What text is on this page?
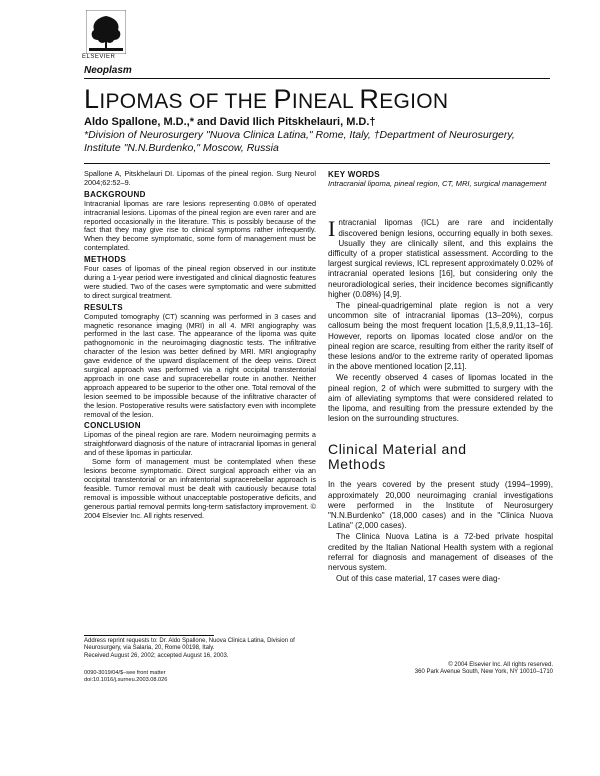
ELSEVIER
Neoplasm
LIPOMAS OF THE PINEAL REGION
Aldo Spallone, M.D.,* and David Ilich Pitskhelauri, M.D.†
*Division of Neurosurgery "Nuova Clinica Latina," Rome, Italy, †Department of Neurosurgery, Institute "N.N.Burdenko," Moscow, Russia

Spallone A, Pitskhelauri DI. Lipomas of the pineal region. Surg Neurol 2004;62:52–9.

BACKGROUND

Intracranial lipomas are rare lesions representing 0.08% of operated intracranial lesions. Lipomas of the pineal region are even rarer and are reported occasionally in the literature. This is possibly because of the fact that they may give rise to clinical symptoms rather infrequently. When they become symptomatic, some form of management must be contemplated.

METHODS

Four cases of lipomas of the pineal region observed in our institute during a 1-year period were investigated and clinical diagnostic features were studied. Two of the cases were symptomatic and were submitted to direct surgical treatment.

RESULTS

Computed tomography (CT) scanning was performed in 3 cases and magnetic resonance imaging (MRI) in all 4. MRI angiography was performed in the last case. The appearance of the lipoma was quite pathognomonic in the neuroimaging diagnostic tests. The infiltrative character of the lesion was better defined by MRI. MRI angiography gave evidence of the upward displacement of the deep veins. Direct surgical approach was performed via a right occipital transtentorial approach in one case and supracerebellar route in another. Neither approach appeared to be superior to the other one. Total removal of the lesion seemed to be impossible because of the infiltrative character of the lesion. Postoperative results were satisfactory even with incomplete removal of the lesion.

CONCLUSION

Lipomas of the pineal region are rare. Modern neuroimaging permits a straightforward diagnosis of the nature of intracranial lipomas in general and of these lipomas in particular.

Some form of management must be contemplated when these lesions become symptomatic. Direct surgical approach either via an occipital transtentorial or an infratentorial supracerebellar approach is feasible. Tumor removal must be dealt with cautiously because total removal is impossible without unacceptable postoperative deficits, and generous partial removal permits long-term satisfactory improvement. © 2004 Elsevier Inc. All rights reserved.

Address reprint requests to: Dr. Aldo Spallone, Nuova Clinica Latina, Division of Neurosurgery, via Salaria, 20, Rome 00198, Italy.

Received August 26, 2002; accepted August 16, 2003.

0090-3019/04/$–see front matter

doi:10.1016/j.surneu.2003.08.026

KEY WORDS

Intracranial lipoma, pineal region, CT, MRI, surgical management

Intracranial lipomas (ICL) are rare and incidentally discovered benign lesions, occurring equally in both sexes. Usually they are clinically silent, and this explains the difficulty of a proper statistical assessment. According to the largest surgical reviews, ICL represent approximately 0.02% of intracranial operated lesions [16], but considering only the neuroradiological series, their incidence becomes significantly higher (0.08%) [4,9].

The pineal-quadrigeminal plate region is not a very uncommon site of intracranial lipomas (13–20%), corpus callosum being the most frequent location [1,5,8,9,11,13–16]. However, reports on lipomas located close and/or on the pineal region are scarce, resulting from either the rarity itself of these lesions and/or to the extreme rarity of operated lipomas in the above mentioned location [2,11].

We recently observed 4 cases of lipomas located in the pineal region, 2 of which were submitted to surgery with the aim of alleviating symptoms that were considered related to the lipoma, and resulting from the pressure extended by the lesion on the surrounding structures.

Clinical Material and
Methods

In the years covered by the present study (1994–1999), approximately 20,000 neuroimaging cranial investigations were performed in the Institute of Neurosurgery "N.N.Burdenko" (18,000 cases) and in the "Clinica Nuova Latina" (2,000 cases).

The Clinica Nuova Latina is a 72-bed private hospital credited by the Italian National Health system with a regional referral for diagnosis and management of diseases of the nervous system.

Out of this case material, 17 cases were diag-

© 2004 Elsevier Inc. All rights reserved.

360 Park Avenue South, New York, NY 10010–1710
